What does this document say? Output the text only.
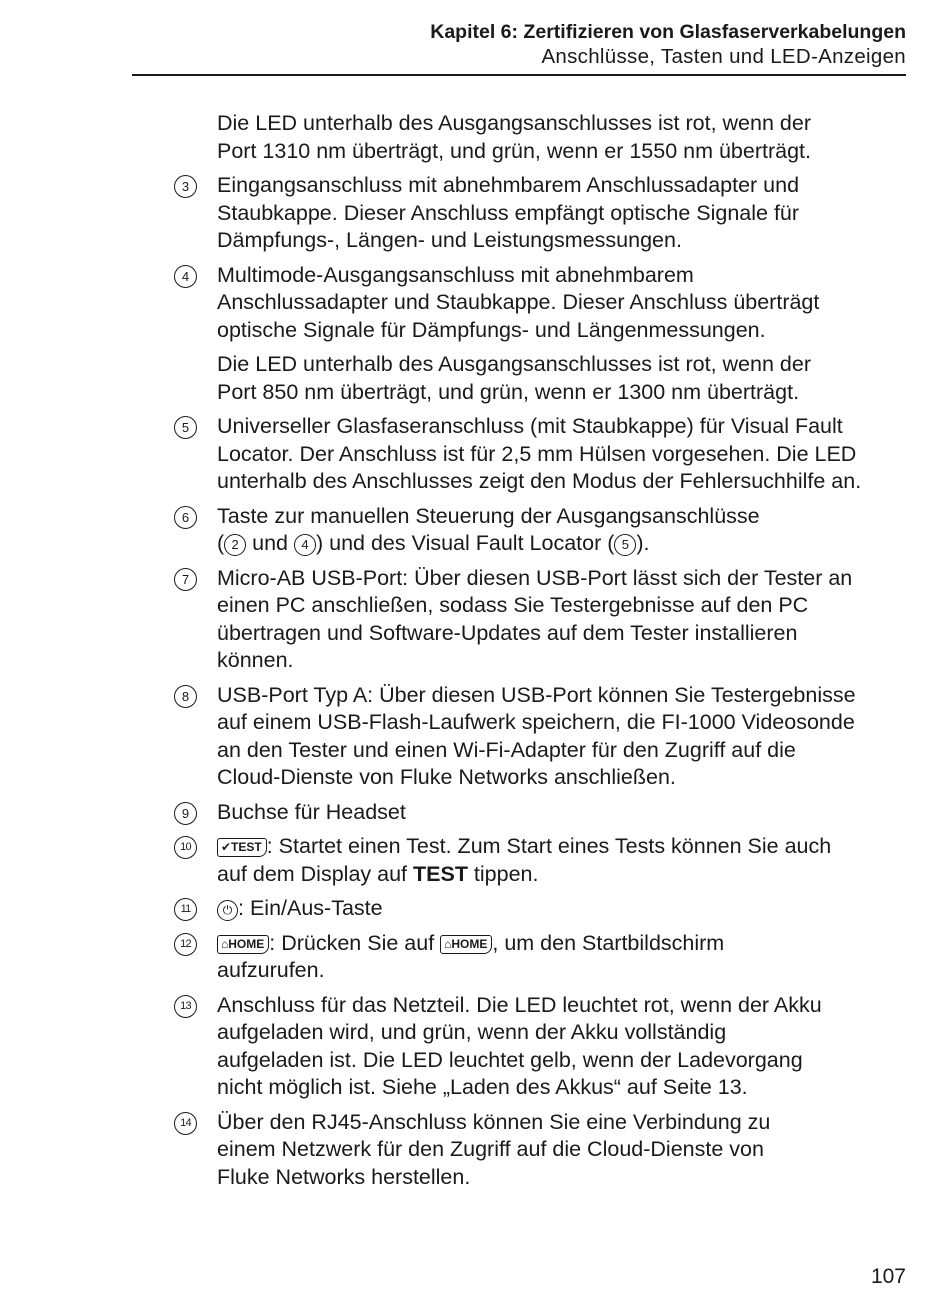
Kapitel 6: Zertifizieren von Glasfaserverkabelungen
Anschlüsse, Tasten und LED-Anzeigen
Die LED unterhalb des Ausgangsanschlusses ist rot, wenn der
Port 1310 nm überträgt, und grün, wenn er 1550 nm überträgt.
3	Eingangsanschluss mit abnehmbarem Anschlussadapter und
Staubkappe. Dieser Anschluss empfängt optische Signale für
Dämpfungs-, Längen- und Leistungsmessungen.
4	Multimode-Ausgangsanschluss mit abnehmbarem
Anschlussadapter und Staubkappe. Dieser Anschluss überträgt
optische Signale für Dämpfungs- und Längenmessungen.
Die LED unterhalb des Ausgangsanschlusses ist rot, wenn der
Port 850 nm überträgt, und grün, wenn er 1300 nm überträgt.
5	Universeller Glasfaseranschluss (mit Staubkappe) für Visual Fault
Locator. Der Anschluss ist für 2,5 mm Hülsen vorgesehen. Die LED
unterhalb des Anschlusses zeigt den Modus der Fehlersuchhilfe an.
6	Taste zur manuellen Steuerung der Ausgangsanschlüsse
( 2 und 4 ) und des Visual Fault Locator ( 5 ).
7	Micro-AB USB-Port: Über diesen USB-Port lässt sich der Tester an
einen PC anschließen, sodass Sie Testergebnisse auf den PC
übertragen und Software-Updates auf dem Tester installieren
können.
8	USB-Port Typ A: Über diesen USB-Port können Sie Testergebnisse
auf einem USB-Flash-Laufwerk speichern, die FI-1000 Videosonde
an den Tester und einen Wi-Fi-Adapter für den Zugriff auf die
Cloud-Dienste von Fluke Networks anschließen.
9	Buchse für Headset
10	✔TEST : Startet einen Test. Zum Start eines Tests können Sie auch
auf dem Display auf TEST tippen.
11	⏻ : Ein/Aus-Taste
12	⌂HOME : Drücken Sie auf ⌂HOME , um den Startbildschirm
aufzurufen.
13 Anschluss für das Netzteil. Die LED leuchtet rot, wenn der Akku
aufgeladen wird, und grün, wenn der Akku vollständig
aufgeladen ist. Die LED leuchtet gelb, wenn der Ladevorgang
nicht möglich ist. Siehe „Laden des Akkus“ auf Seite 13.
14 Über den RJ45-Anschluss können Sie eine Verbindung zu
einem Netzwerk für den Zugriff auf die Cloud-Dienste von
Fluke Networks herstellen.
107
